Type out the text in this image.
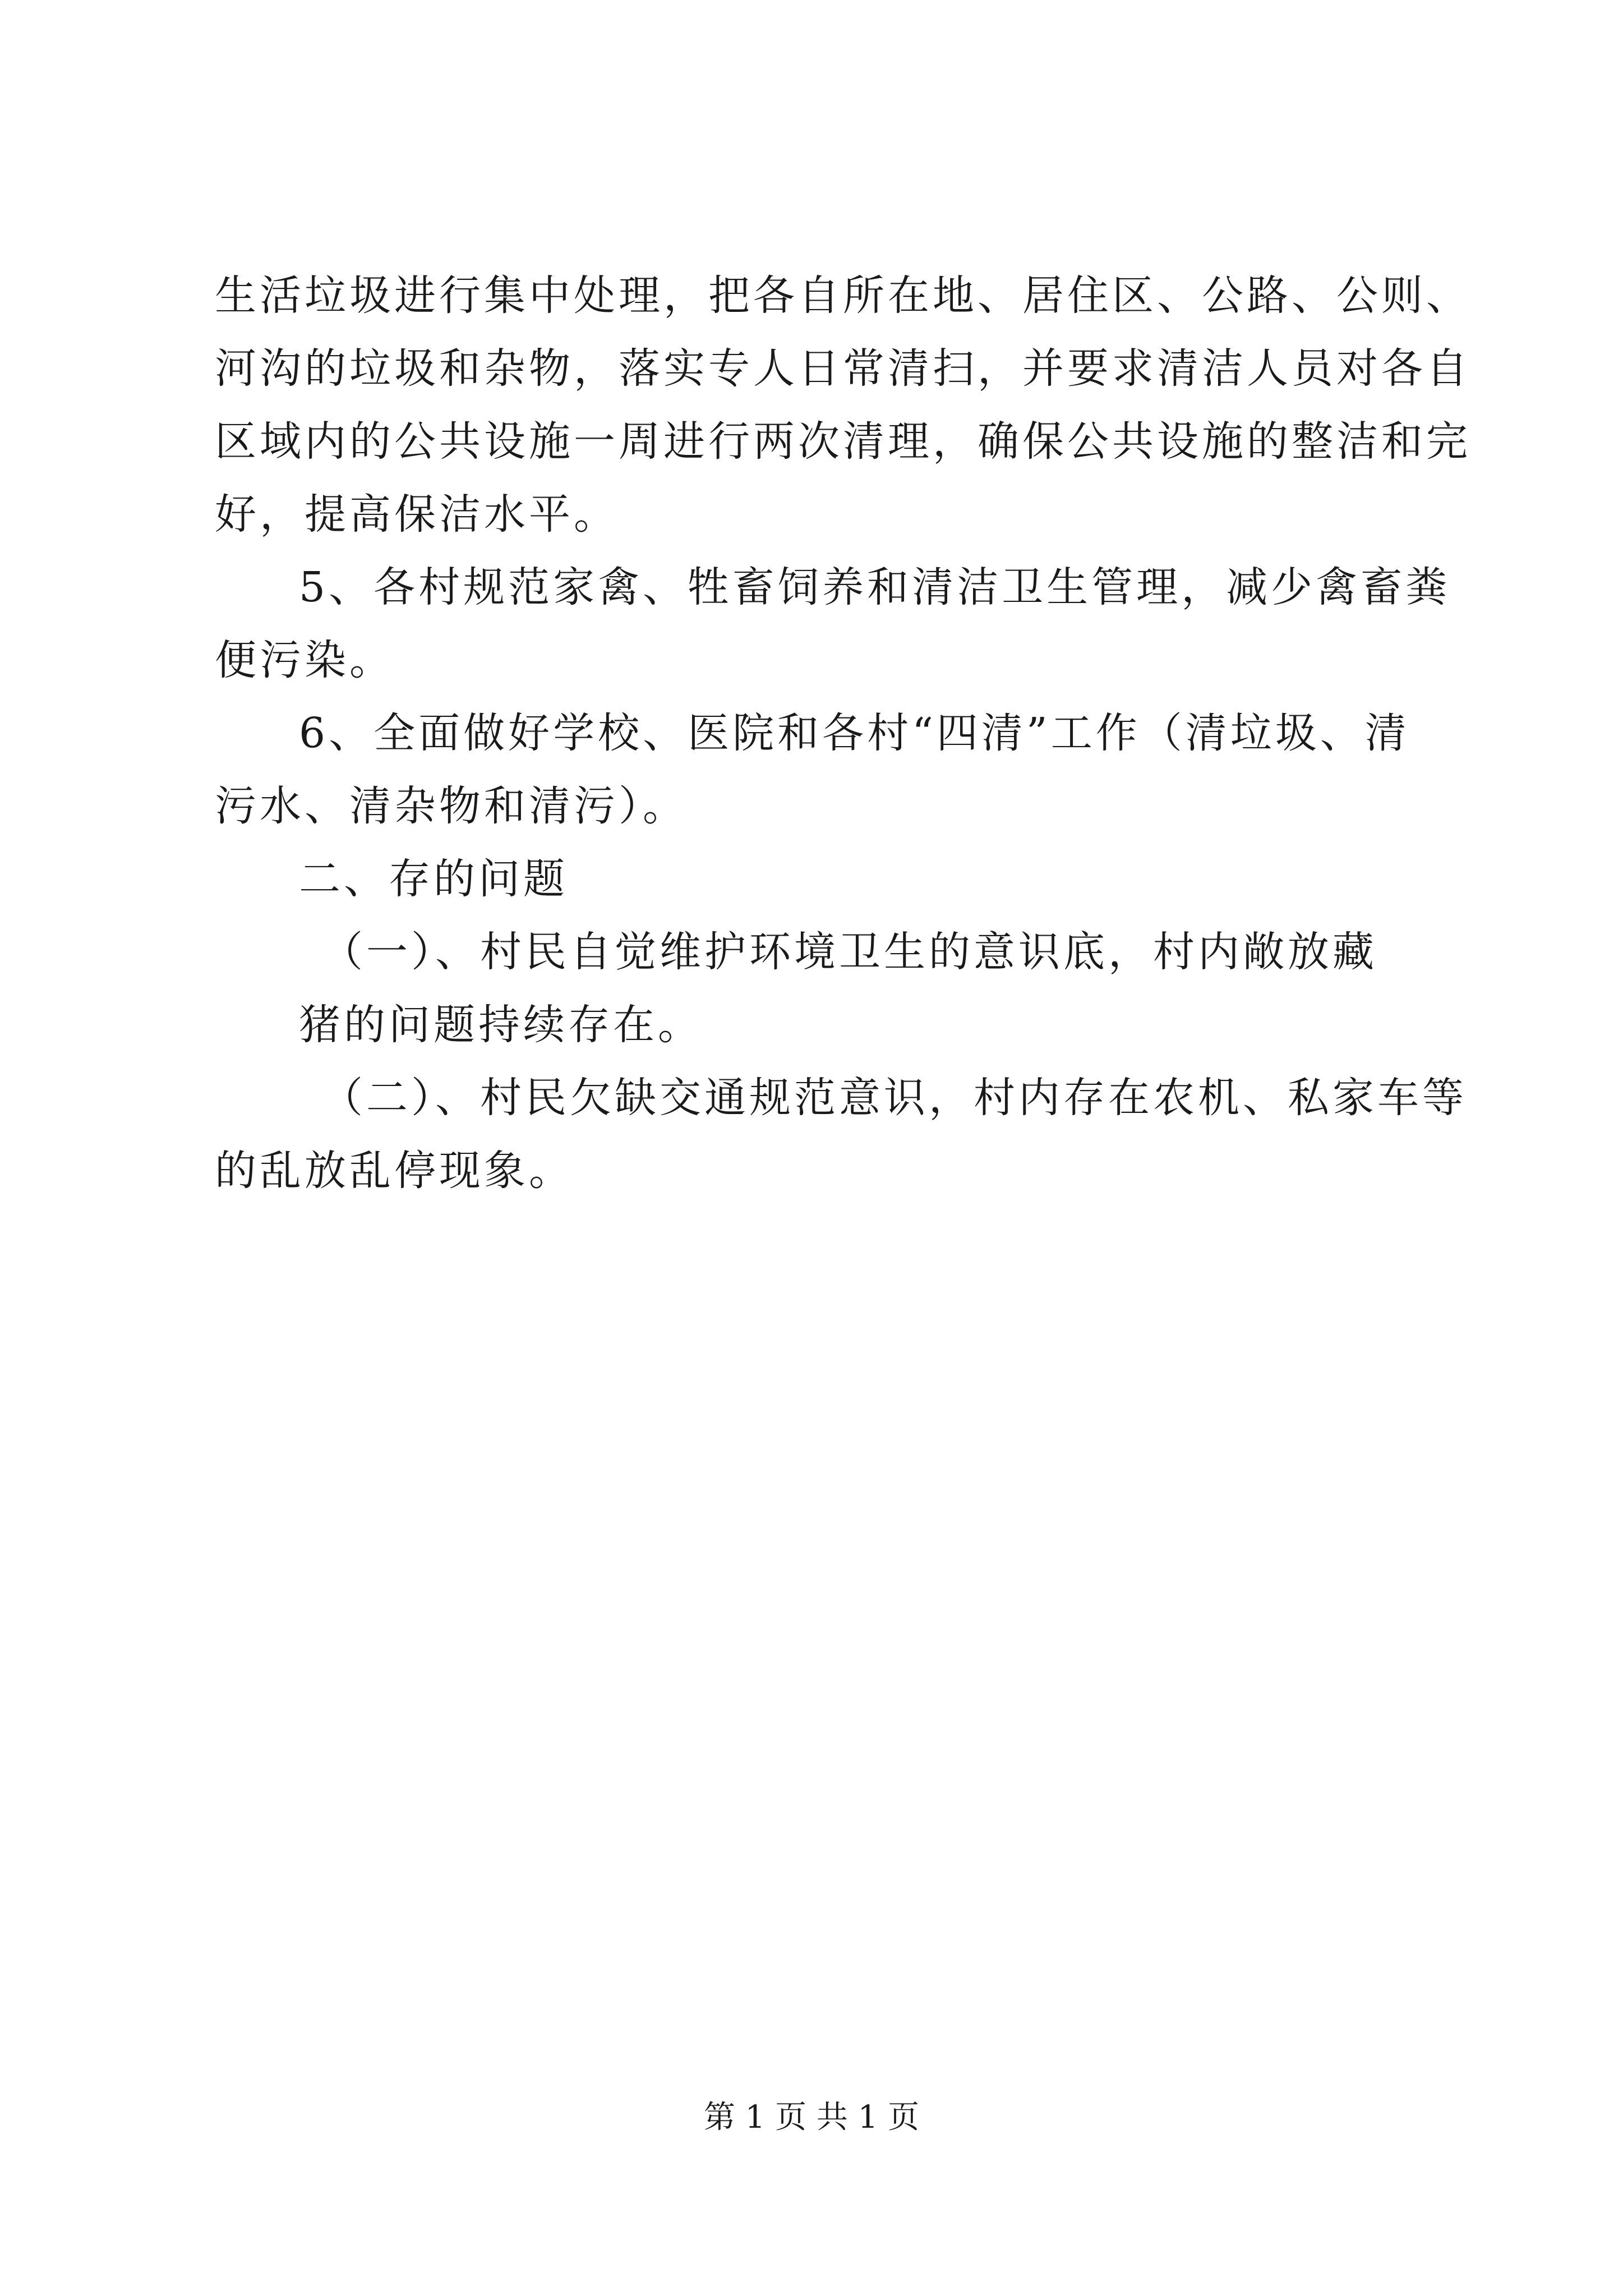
生活垃圾进行集中处理，把各自所在地、居住区、公路、公则、
河沟的垃圾和杂物，落实专人日常清扫，并要求清洁人员对各自
区域内的公共设施一周进行两次清理，确保公共设施的整洁和完
好，提高保洁水平。

5、各村规范家禽、牲畜饲养和清洁卫生管理，减少禽畜粪
便污染。

6、全面做好学校、医院和各村“四清”工作（清垃圾、清
污水、清杂物和清污）。

二、存的问题

（一）、村民自觉维护环境卫生的意识底，村内敞放藏
猪的问题持续存在。

（二）、村民欠缺交通规范意识，村内存在农机、私家车等
的乱放乱停现象。

第 1 页 共 1 页
